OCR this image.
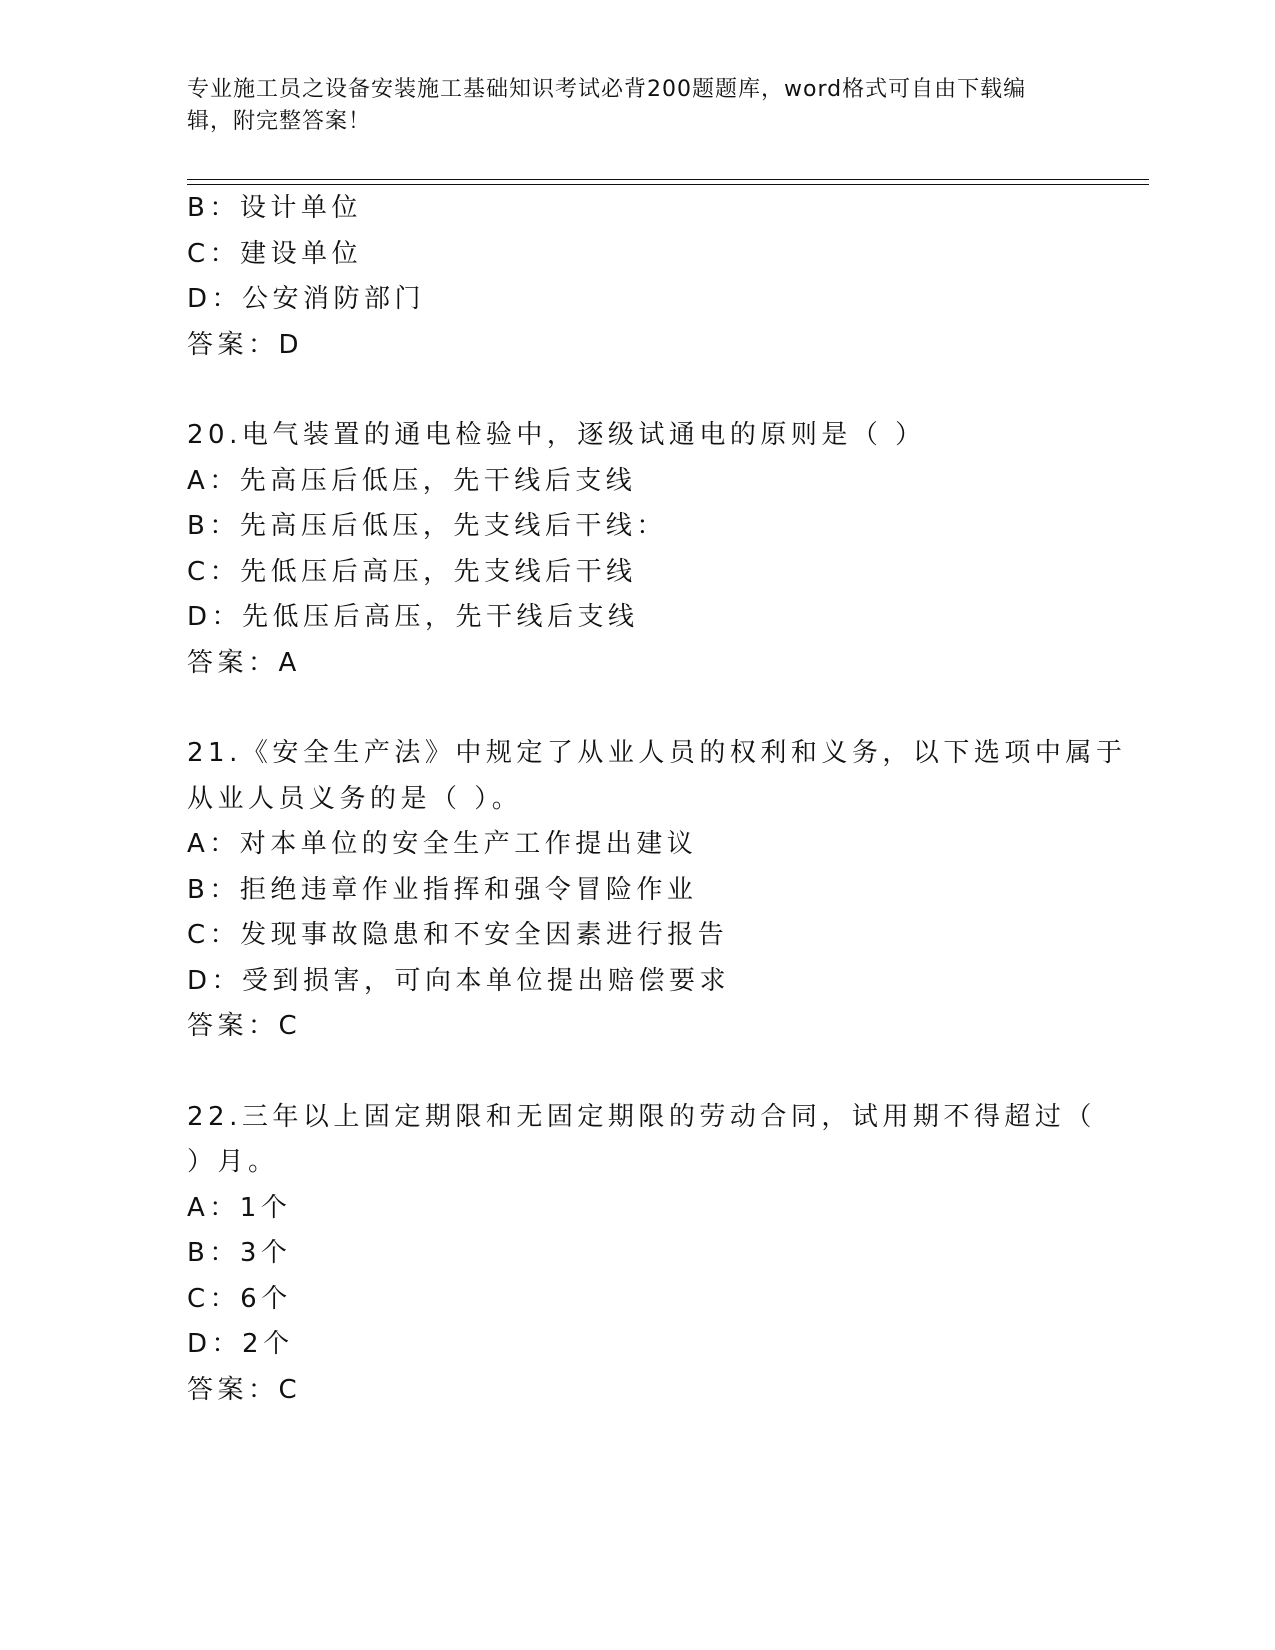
专业施工员之设备安装施工基础知识考试必背200题题库，word格式可自由下载编辑，附完整答案！
B：设计单位
C：建设单位
D：公安消防部门
答案：D
20.电气装置的通电检验中，逐级试通电的原则是（ ）
A：先高压后低压，先干线后支线
B：先高压后低压，先支线后干线：
C：先低压后高压，先支线后干线
D：先低压后高压，先干线后支线
答案：A
21.《安全生产法》中规定了从业人员的权利和义务，以下选项中属于
从业人员义务的是（ ）。
A：对本单位的安全生产工作提出建议
B：拒绝违章作业指挥和强令冒险作业
C：发现事故隐患和不安全因素进行报告
D：受到损害，可向本单位提出赔偿要求
答案：C
22.三年以上固定期限和无固定期限的劳动合同，试用期不得超过（
）月。
A：1个
B：3个
C：6个
D：2个
答案：C
